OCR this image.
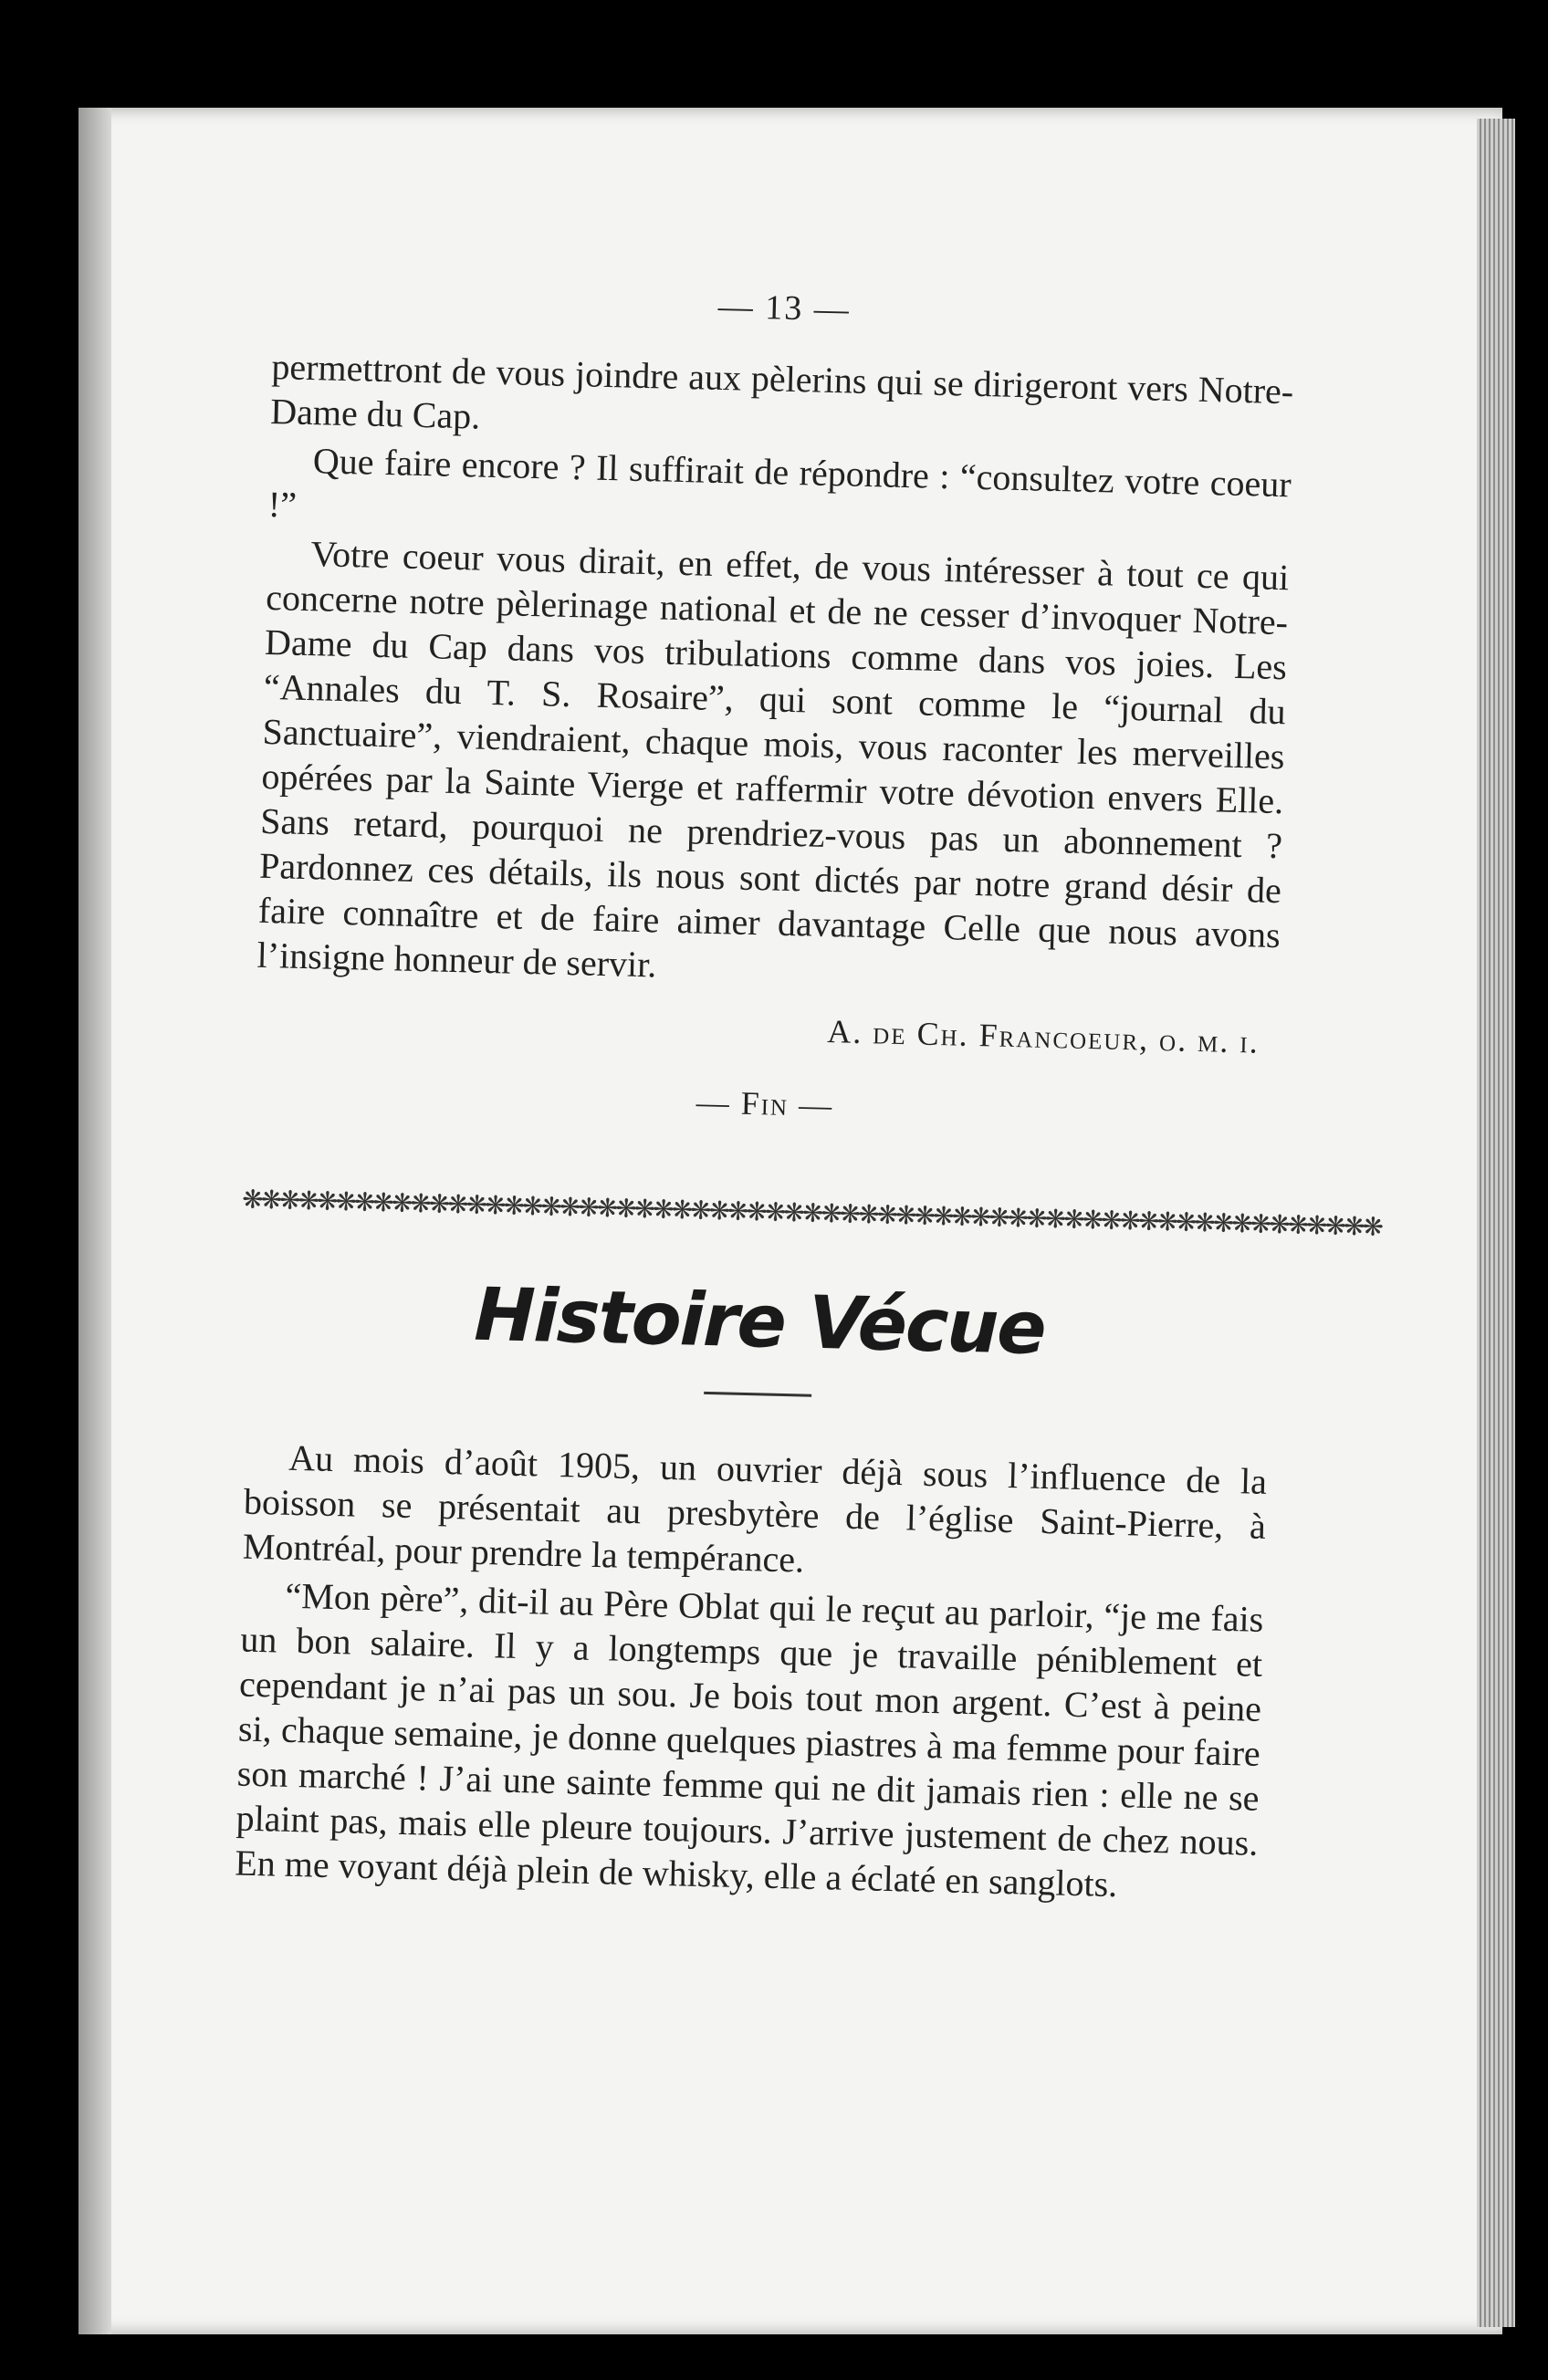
— 13 —

permettront de vous joindre aux pèlerins qui se dirigeront vers Notre-Dame du Cap.

Que faire encore ? Il suffirait de répondre : “consultez votre coeur !”

Votre coeur vous dirait, en effet, de vous intéresser à tout ce qui concerne notre pèlerinage national et de ne cesser d’invoquer Notre-Dame du Cap dans vos tribulations comme dans vos joies. Les “Annales du T. S. Rosaire”, qui sont comme le “journal du Sanctuaire”, viendraient, chaque mois, vous raconter les merveilles opérées par la Sainte Vierge et raffermir votre dévotion envers Elle. Sans retard, pourquoi ne prendriez-vous pas un abonnement ? Pardonnez ces détails, ils nous sont dictés par notre grand désir de faire connaître et de faire aimer davantage Celle que nous avons l’insigne honneur de servir.

A. de Ch. Francoeur, o. m. i.
— Fin —
❋❋❋❋❋❋❋❋❋❋❋❋❋❋❋❋❋❋❋❋❋❋❋❋❋❋❋❋❋❋❋❋❋❋❋❋❋❋❋❋❋❋❋❋❋❋❋❋❋❋❋❋❋❋❋❋❋❋❋❋❋
Histoire Vécue

Au mois d’août 1905, un ouvrier déjà sous l’influence de la boisson se présentait au presbytère de l’église Saint-Pierre, à Montréal, pour prendre la tempérance.

“Mon père”, dit-il au Père Oblat qui le reçut au parloir, “je me fais un bon salaire. Il y a longtemps que je travaille péniblement et cependant je n’ai pas un sou. Je bois tout mon argent. C’est à peine si, chaque semaine, je donne quelques piastres à ma femme pour faire son marché ! J’ai une sainte femme qui ne dit jamais rien : elle ne se plaint pas, mais elle pleure toujours. J’arrive justement de chez nous. En me voyant déjà plein de whisky, elle a éclaté en sanglots.
